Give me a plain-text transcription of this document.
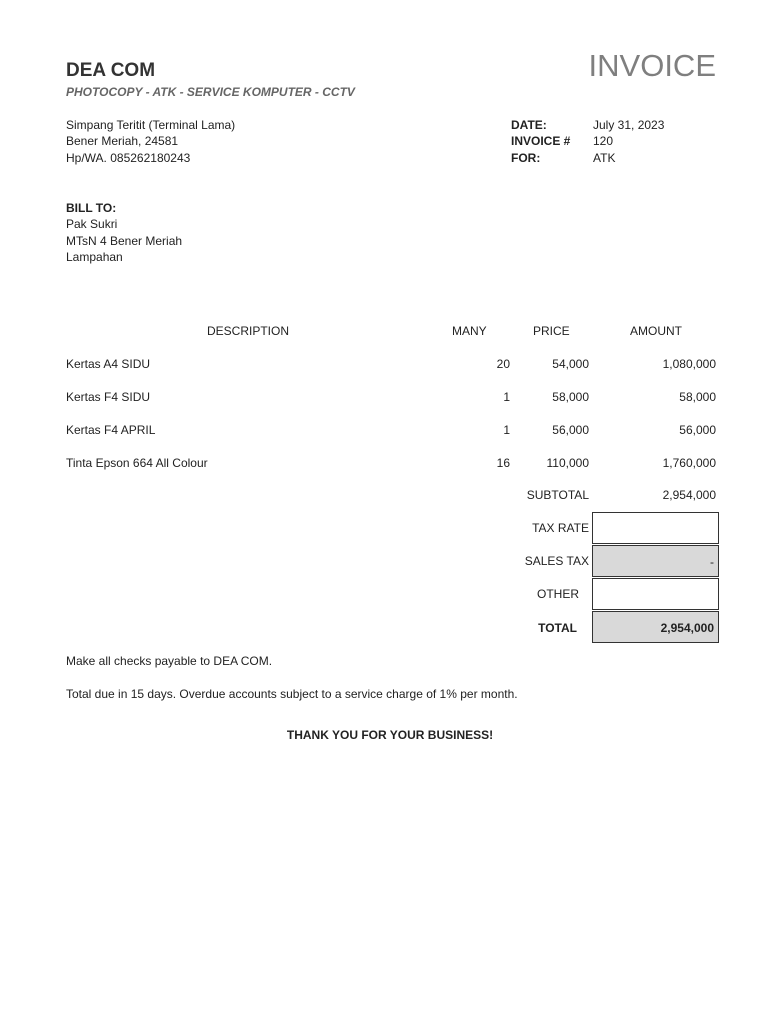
DEA COM
PHOTOCOPY - ATK - SERVICE KOMPUTER - CCTV
INVOICE
Simpang Teritit (Terminal Lama)
Bener Meriah, 24581
Hp/WA. 085262180243
DATE:	July 31, 2023
INVOICE # 120
FOR:	ATK
BILL TO:
Pak Sukri
MTsN 4 Bener Meriah
Lampahan
DESCRIPTION	MANY	PRICE	AMOUNT
Kertas A4 SIDU	20	54,000	1,080,000
Kertas F4 SIDU	1	58,000	58,000
Kertas F4 APRIL	1	56,000	56,000
Tinta Epson 664 All Colour	16	110,000	1,760,000
SUBTOTAL	2,954,000
TAX RATE
SALES TAX	-
OTHER
TOTAL	2,954,000
Make all checks payable to DEA COM.
Total due in 15 days. Overdue accounts subject to a service charge of 1% per month.
THANK YOU FOR YOUR BUSINESS!
